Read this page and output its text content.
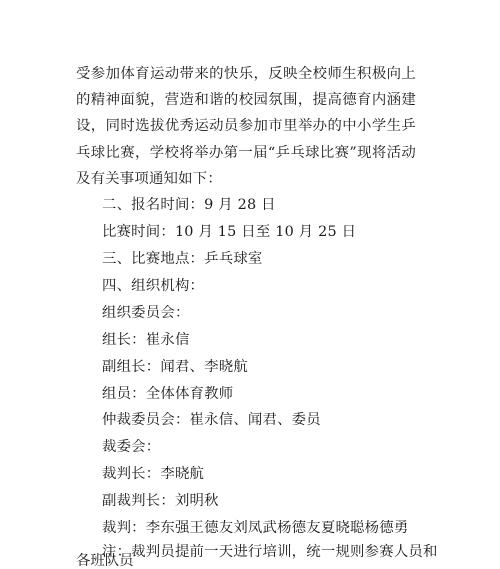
受参加体育运动带来的快乐，反映全校师生积极向上的精神面貌，营造和谐的校园氛围，提高德育内涵建设，同时选拔优秀运动员参加市里举办的中小学生乒乓球比赛，学校将举办第一届“乒乓球比赛”现将活动及有关事项通知如下：
二、报名时间：9 月 28 日
比赛时间：10 月 15 日至 10 月 25 日
三、比赛地点：乒乓球室
四、组织机构：
组织委员会：
组长：崔永信
副组长：闻君、李晓航
组员：全体体育教师
仲裁委员会：崔永信、闻君、委员
裁委会：
裁判长：李晓航
副裁判长：刘明秋
裁判：李东强王德友刘凤武杨德友夏晓聪杨德勇
注：裁判员提前一天进行培训，统一规则参赛人员和
各班队员
